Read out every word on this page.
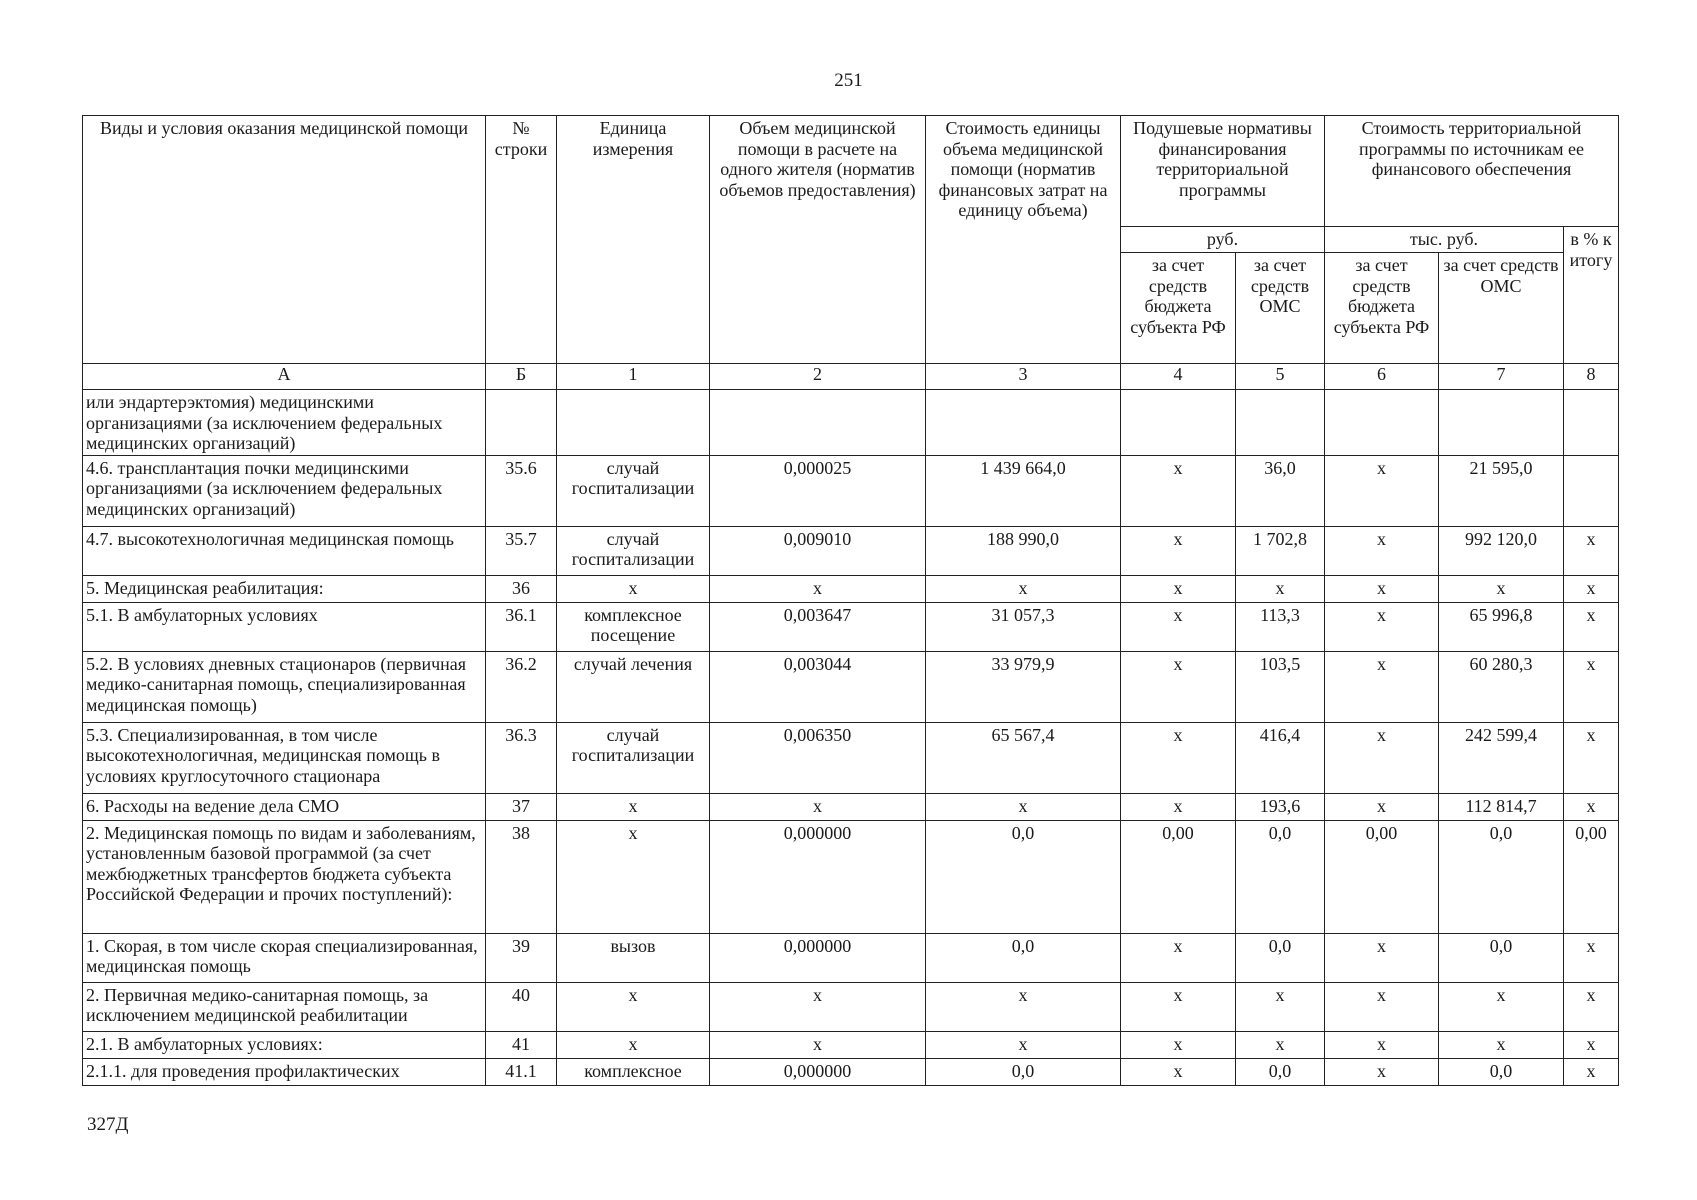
251
Виды и условия оказания медицинской помощи	№ строки	Единица измерения	Объем медицинской помощи в расчете на одного жителя (норматив объемов предоставления)	Стоимость единицы объема медицинской помощи (норматив финансовых затрат на единицу объема)	Подушевые нормативы финансирования территориальной программы		Стоимость территориальной программы по источникам ее финансового обеспечения		
					руб.		тыс. руб.		в % к итогу
					за счет средств бюджета субъекта РФ	за счет средств ОМС	за счет средств бюджета субъекта РФ	за счет средств ОМС	
А	Б	1	2	3	4	5	6	7	8
или эндартерэктомия) медицинскими организациями (за исключением федеральных медицинских организаций)									
4.6. трансплантация почки медицинскими организациями (за исключением федеральных медицинских организаций)	35.6	случай госпитализации	0,000025	1 439 664,0	х	36,0	х	21 595,0	
4.7. высокотехнологичная медицинская помощь	35.7	случай госпитализации	0,009010	188 990,0	х	1 702,8	х	992 120,0	х
5. Медицинская реабилитация:	36	х	х	х	х	х	х	х	х
5.1. В амбулаторных условиях	36.1	комплексное посещение	0,003647	31 057,3	х	113,3	х	65 996,8	х
5.2. В условиях дневных стационаров (первичная медико-санитарная помощь, специализированная медицинская помощь)	36.2	случай лечения	0,003044	33 979,9	х	103,5	х	60 280,3	х
5.3. Специализированная, в том числе высокотехнологичная, медицинская помощь в условиях круглосуточного стационара	36.3	случай госпитализации	0,006350	65 567,4	х	416,4	х	242 599,4	х
6. Расходы на ведение дела СМО	37	х	х	х	х	193,6	х	112 814,7	х
2. Медицинская помощь по видам и заболеваниям, установленным базовой программой (за счет межбюджетных трансфертов бюджета субъекта Российской Федерации и прочих поступлений):	38	х	0,000000	0,0	0,00	0,0	0,00	0,0	0,00
1. Скорая, в том числе скорая специализированная, медицинская помощь	39	вызов	0,000000	0,0	х	0,0	х	0,0	х
2. Первичная медико-санитарная помощь, за исключением медицинской реабилитации	40	х	х	х	х	х	х	х	х
2.1. В амбулаторных условиях:	41	х	х	х	х	х	х	х	х
2.1.1. для проведения профилактических	41.1	комплексное	0,000000	0,0	х	0,0	х	0,0	х
327Д
